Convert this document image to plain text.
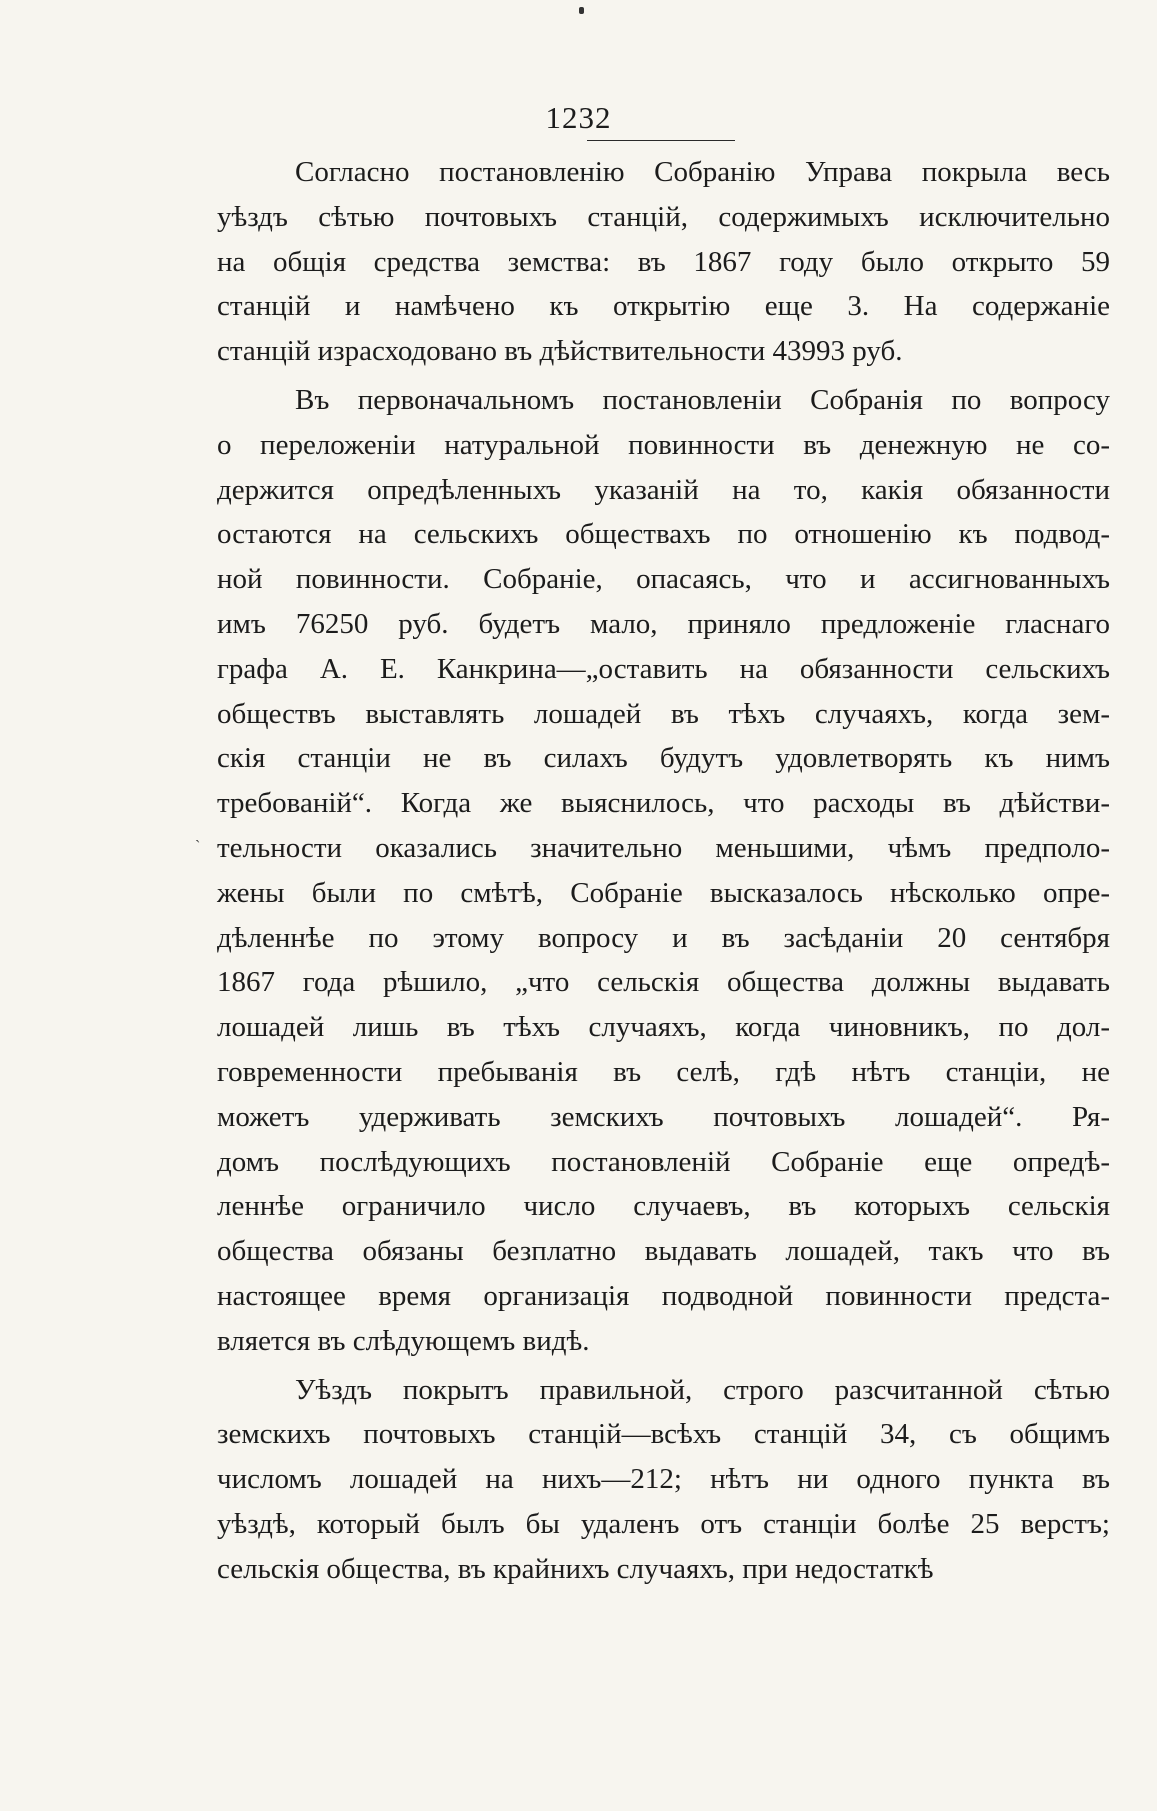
1232
ˎ
Согласно постановленію Собранію Управа покрыла весь
уѣздъ сѣтью почтовыхъ станцій, содержимыхъ исключительно
на общія средства земства: въ 1867 году было открыто 59
станцій и намѣчено къ открытію еще 3. На содержаніе
станцій израсходовано въ дѣйствительности 43993 руб.
Въ первоначальномъ постановленіи Собранія по вопросу
о переложеніи натуральной повинности въ денежную не со-
держится опредѣленныхъ указаній на то, какія обязанности
остаются на сельскихъ обществахъ по отношенію къ подвод-
ной повинности. Собраніе, опасаясь, что и ассигнованныхъ
имъ 76250 руб. будетъ мало, приняло предложеніе гласнаго
графа А. Е. Канкрина—„оставить на обязанности сельскихъ
обществъ выставлять лошадей въ тѣхъ случаяхъ, когда зем-
скія станціи не въ силахъ будутъ удовлетворять къ нимъ
требованій“. Когда же выяснилось, что расходы въ дѣйстви-
тельности оказались значительно меньшими, чѣмъ предполо-
жены были по смѣтѣ, Собраніе высказалось нѣсколько опре-
дѣленнѣе по этому вопросу и въ засѣданіи 20 сентября
1867 года рѣшило, „что сельскія общества должны выдавать
лошадей лишь въ тѣхъ случаяхъ, когда чиновникъ, по дол-
говременности пребыванія въ селѣ, гдѣ нѣтъ станціи, не
можетъ удерживать земскихъ почтовыхъ лошадей“. Ря-
домъ послѣдующихъ постановленій Собраніе еще опредѣ-
леннѣе ограничило число случаевъ, въ которыхъ сельскія
общества обязаны безплатно выдавать лошадей, такъ что въ
настоящее время организація подводной повинности предста-
вляется въ слѣдующемъ видѣ.
Уѣздъ покрытъ правильной, строго разсчитанной сѣтью
земскихъ почтовыхъ станцій—всѣхъ станцій 34, съ общимъ
числомъ лошадей на нихъ—212; нѣтъ ни одного пункта въ
уѣздѣ, который былъ бы удаленъ отъ станціи болѣе 25 верстъ;
сельскія общества, въ крайнихъ случаяхъ, при недостаткѣ
